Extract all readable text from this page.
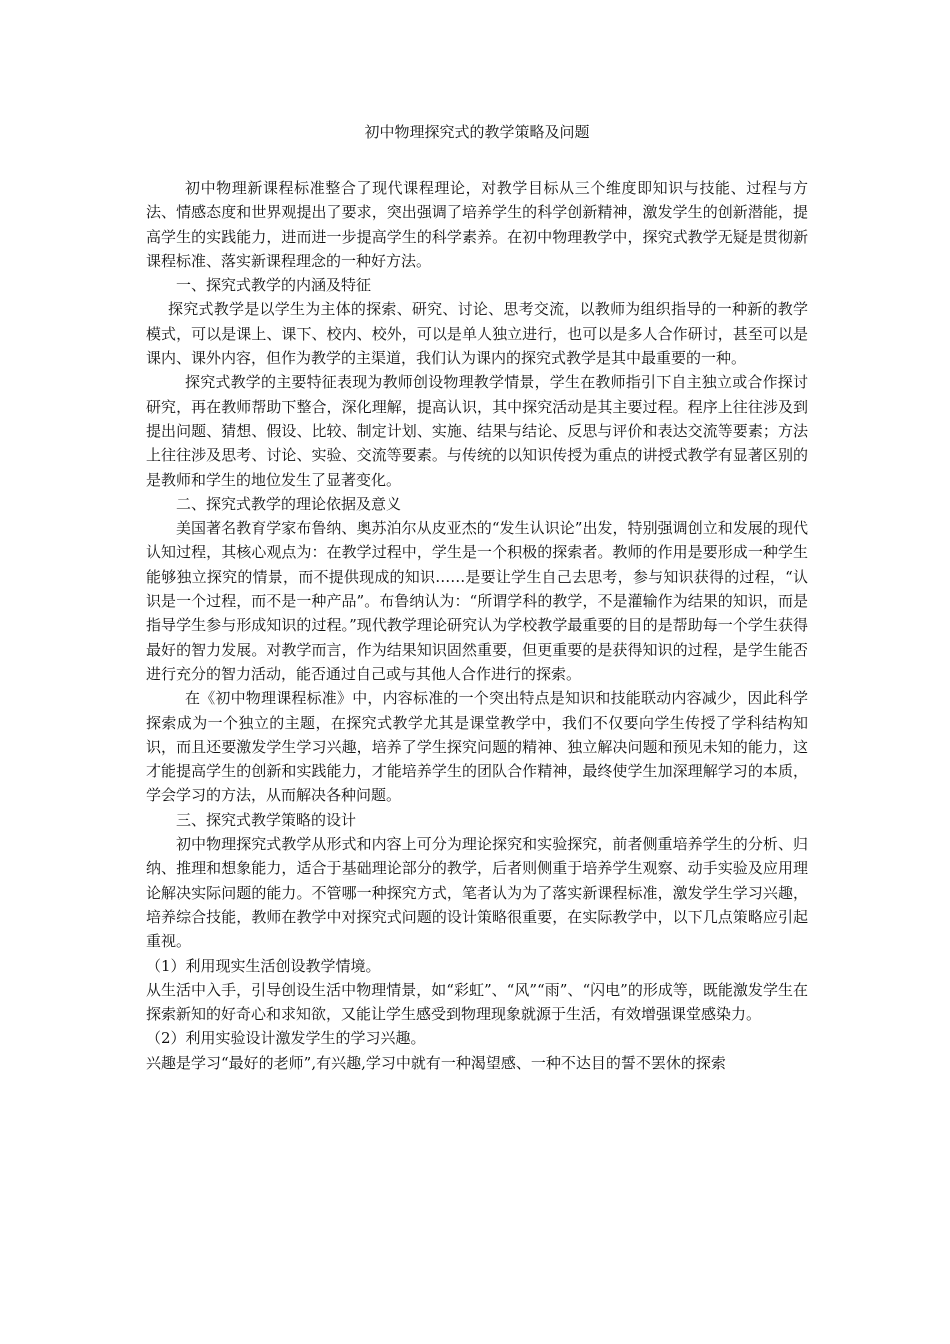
初中物理探究式的教学策略及问题

初中物理新课程标准整合了现代课程理论，对教学目标从三个维度即知识与技能、过程与方法、情感态度和世界观提出了要求，突出强调了培养学生的科学创新精神，激发学生的创新潜能，提高学生的实践能力，进而进一步提高学生的科学素养。在初中物理教学中，探究式教学无疑是贯彻新课程标准、落实新课程理念的一种好方法。

一、探究式教学的内涵及特征

探究式教学是以学生为主体的探索、研究、讨论、思考交流，以教师为组织指导的一种新的教学模式，可以是课上、课下、校内、校外，可以是单人独立进行，也可以是多人合作研讨，甚至可以是课内、课外内容，但作为教学的主渠道，我们认为课内的探究式教学是其中最重要的一种。

探究式教学的主要特征表现为教师创设物理教学情景，学生在教师指引下自主独立或合作探讨研究，再在教师帮助下整合，深化理解，提高认识，其中探究活动是其主要过程。程序上往往涉及到提出问题、猜想、假设、比较、制定计划、实施、结果与结论、反思与评价和表达交流等要素；方法上往往涉及思考、讨论、实验、交流等要素。与传统的以知识传授为重点的讲授式教学有显著区别的是教师和学生的地位发生了显著变化。

二、探究式教学的理论依据及意义

美国著名教育学家布鲁纳、奥苏泊尔从皮亚杰的“发生认识论”出发，特别强调创立和发展的现代认知过程，其核心观点为：在教学过程中，学生是一个积极的探索者。教师的作用是要形成一种学生能够独立探究的情景，而不提供现成的知识……是要让学生自己去思考，参与知识获得的过程，“认识是一个过程，而不是一种产品”。布鲁纳认为：“所谓学科的教学，不是灌输作为结果的知识，而是指导学生参与形成知识的过程。”现代教学理论研究认为学校教学最重要的目的是帮助每一个学生获得最好的智力发展。对教学而言，作为结果知识固然重要，但更重要的是获得知识的过程，是学生能否进行充分的智力活动，能否通过自己或与其他人合作进行的探索。

在《初中物理课程标准》中，内容标准的一个突出特点是知识和技能联动内容减少，因此科学探索成为一个独立的主题，在探究式教学尤其是课堂教学中，我们不仅要向学生传授了学科结构知识，而且还要激发学生学习兴趣，培养了学生探究问题的精神、独立解决问题和预见未知的能力，这才能提高学生的创新和实践能力，才能培养学生的团队合作精神，最终使学生加深理解学习的本质，学会学习的方法，从而解决各种问题。

三、探究式教学策略的设计

初中物理探究式教学从形式和内容上可分为理论探究和实验探究，前者侧重培养学生的分析、归纳、推理和想象能力，适合于基础理论部分的教学，后者则侧重于培养学生观察、动手实验及应用理论解决实际问题的能力。不管哪一种探究方式，笔者认为为了落实新课程标准，激发学生学习兴趣，培养综合技能，教师在教学中对探究式问题的设计策略很重要，在实际教学中，以下几点策略应引起重视。

（1）利用现实生活创设教学情境。

从生活中入手，引导创设生活中物理情景，如“彩虹”、“风”“雨”、“闪电”的形成等，既能激发学生在探索新知的好奇心和求知欲，又能让学生感受到物理现象就源于生活，有效增强课堂感染力。

（2）利用实验设计激发学生的学习兴趣。

兴趣是学习“最好的老师”,有兴趣,学习中就有一种渴望感、一种不达目的誓不罢休的探索
